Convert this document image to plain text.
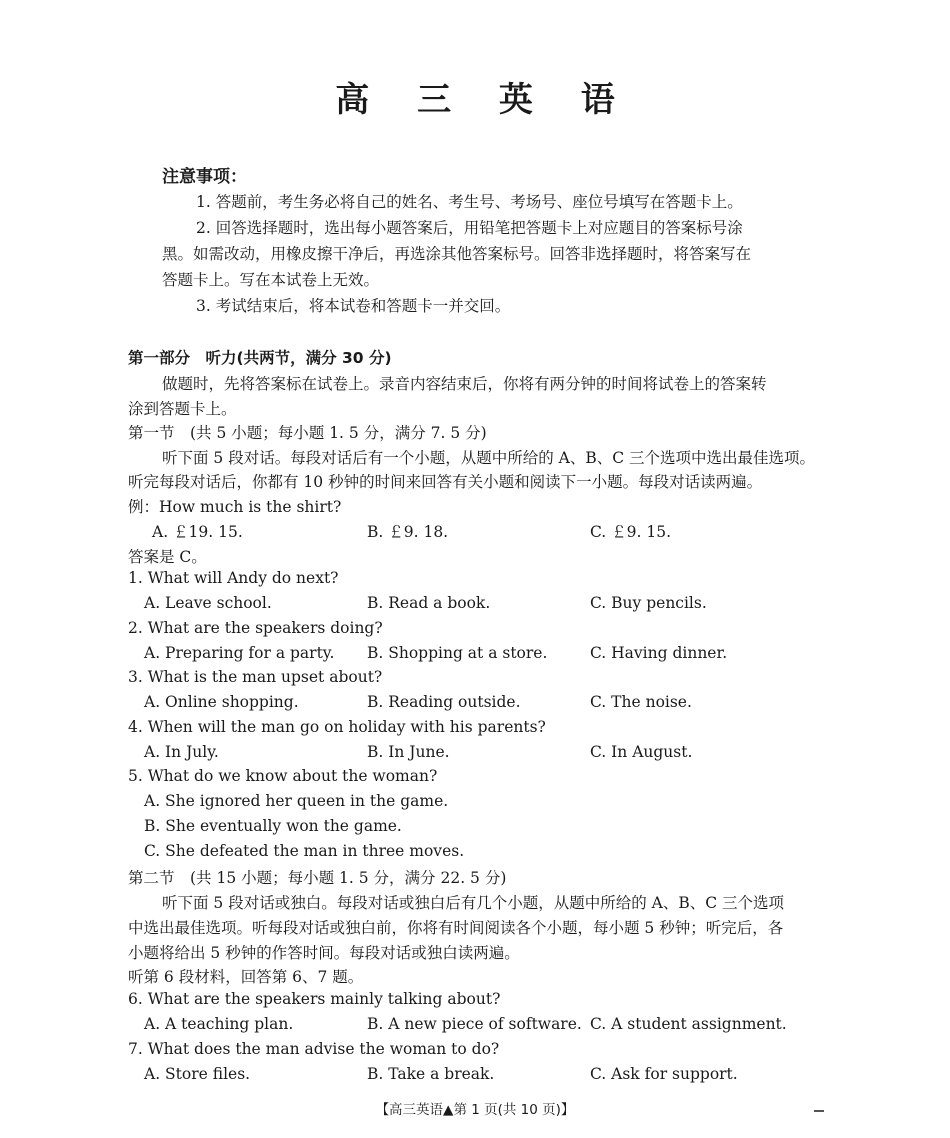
高 三 英 语
注意事项：
1. 答题前，考生务必将自己的姓名、考生号、考场号、座位号填写在答题卡上。
2. 回答选择题时，选出每小题答案后，用铅笔把答题卡上对应题目的答案标号涂
黑。如需改动，用橡皮擦干净后，再选涂其他答案标号。回答非选择题时，将答案写在
答题卡上。写在本试卷上无效。
3. 考试结束后，将本试卷和答题卡一并交回。
第一部分　听力(共两节，满分 30 分)
做题时，先将答案标在试卷上。录音内容结束后，你将有两分钟的时间将试卷上的答案转
涂到答题卡上。
第一节　(共 5 小题；每小题 1. 5 分，满分 7. 5 分)
听下面 5 段对话。每段对话后有一个小题，从题中所给的 A、B、C 三个选项中选出最佳选项。
听完每段对话后，你都有 10 秒钟的时间来回答有关小题和阅读下一小题。每段对话读两遍。
例：How much is the shirt?
A. ￡19. 15.	B. ￡9. 18.	C. ￡9. 15.
答案是 C。
1. What will Andy do next?
A. Leave school.	B. Read a book.	C. Buy pencils.
2. What are the speakers doing?
A. Preparing for a party. B. Shopping at a store.	C. Having dinner.
3. What is the man upset about?
A. Online shopping.	B. Reading outside.	C. The noise.
4. When will the man go on holiday with his parents?
A. In July.	B. In June.	C. In August.
5. What do we know about the woman?
A. She ignored her queen in the game.
B. She eventually won the game.
C. She defeated the man in three moves.
第二节　(共 15 小题；每小题 1. 5 分，满分 22. 5 分)
听下面 5 段对话或独白。每段对话或独白后有几个小题，从题中所给的 A、B、C 三个选项
中选出最佳选项。听每段对话或独白前，你将有时间阅读各个小题，每小题 5 秒钟；听完后，各
小题将给出 5 秒钟的作答时间。每段对话或独白读两遍。
听第 6 段材料，回答第 6、7 题。
6. What are the speakers mainly talking about?
A. A teaching plan.	B. A new piece of software. C. A student assignment.
7. What does the man advise the woman to do?
A. Store files.	B. Take a break.	C. Ask for support.
【高三英语▲第 1 页(共 10 页)】
